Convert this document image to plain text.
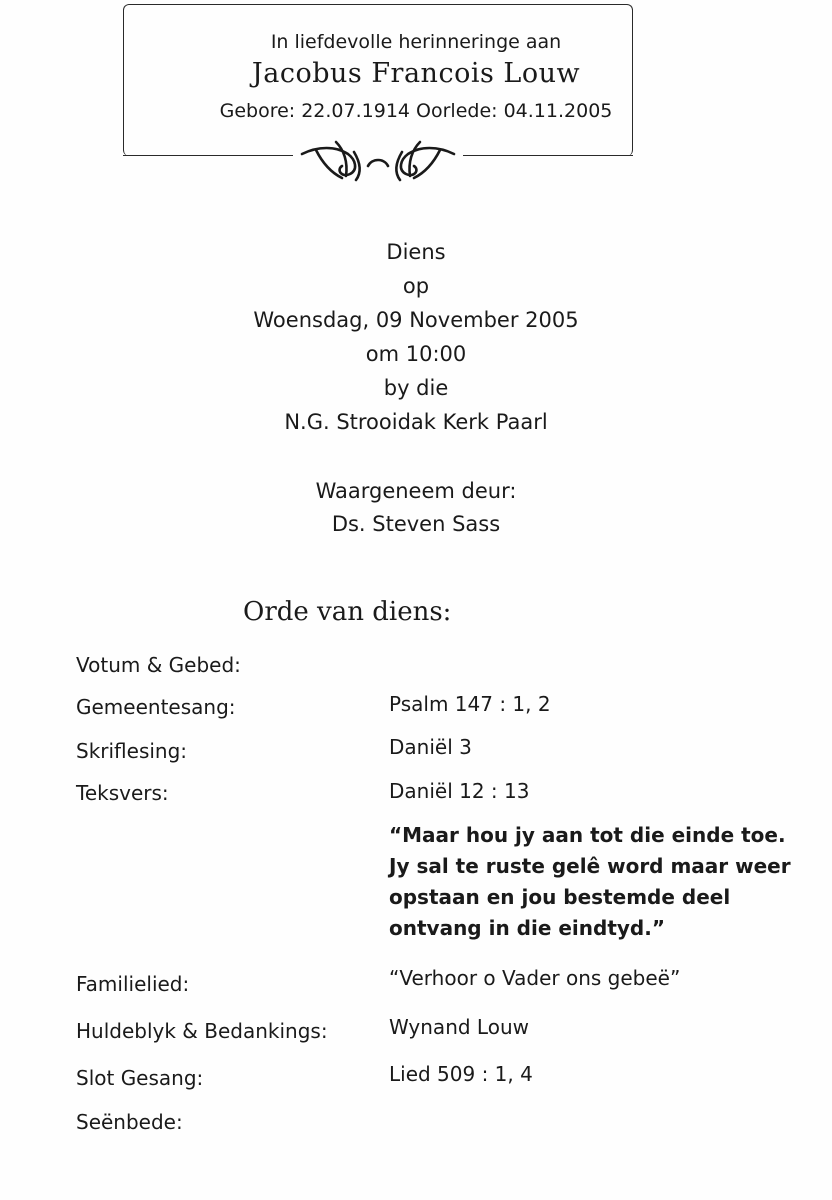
In liefdevolle herinneringe aan
Jacobus Francois Louw
Gebore: 22.07.1914 Oorlede: 04.11.2005
Diens
op
Woensdag, 09 November 2005
om 10:00
by die
N.G. Strooidak Kerk Paarl
Waargeneem deur:
Ds. Steven Sass
Orde van diens:
Votum & Gebed:
Gemeentesang:	Psalm 147 : 1, 2
Skriflesing:	Daniël 3
Teksvers:	Daniël 12 : 13
“Maar hou jy aan tot die einde toe.
Jy sal te ruste gelê word maar weer
opstaan en jou bestemde deel
ontvang in die eindtyd.”
Familielied:	“Verhoor o Vader ons gebeë”
Huldeblyk & Bedankings:	Wynand Louw
Slot Gesang:	Lied 509 : 1, 4
Seënbede:
